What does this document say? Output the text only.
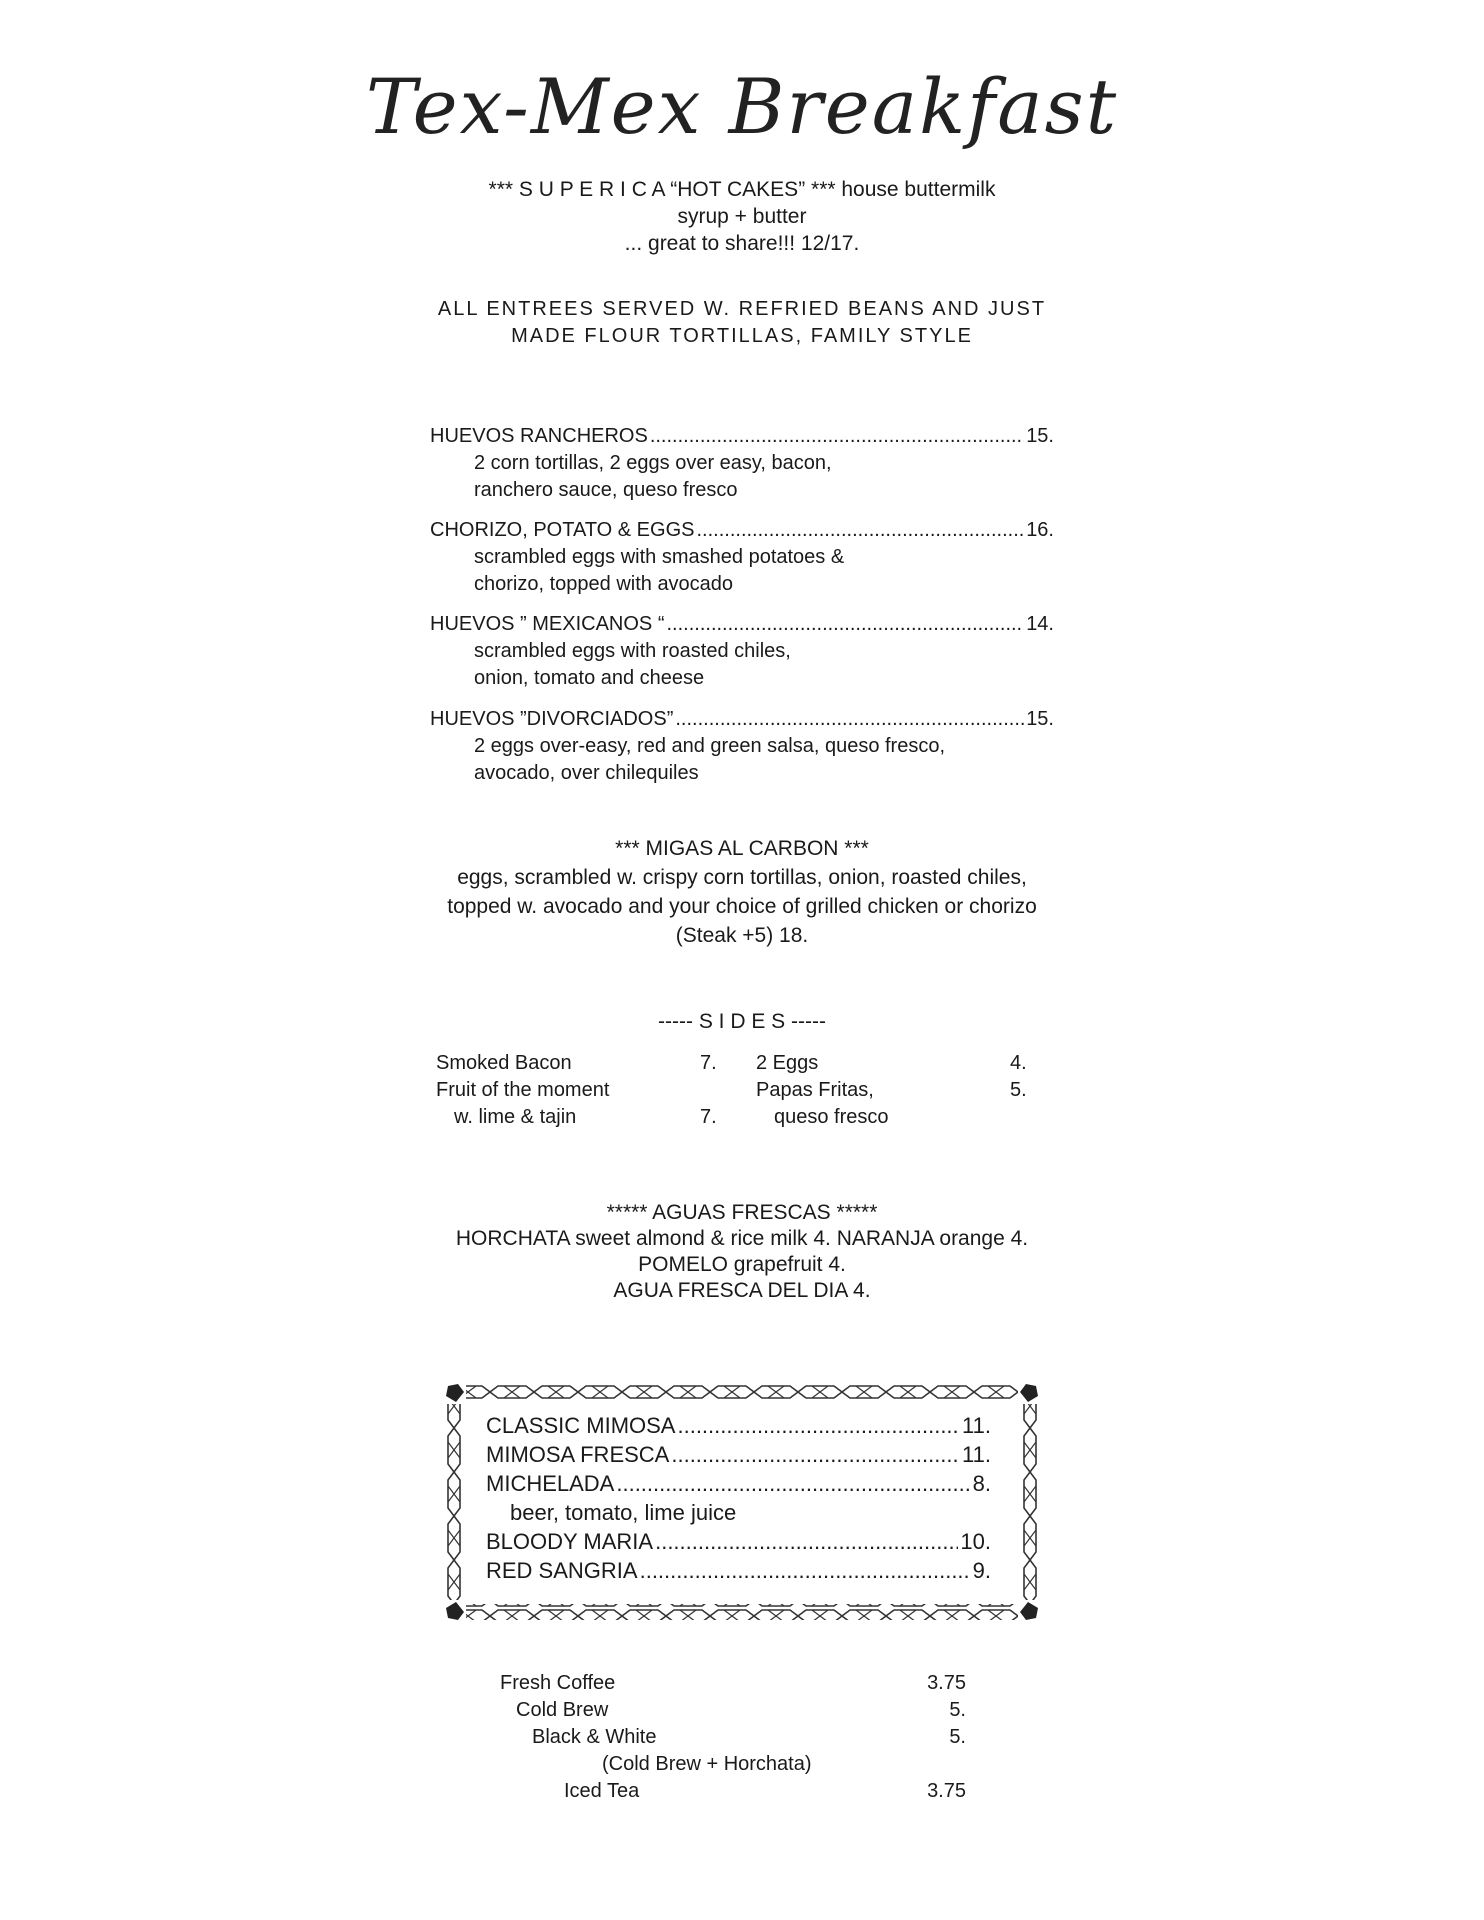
Tex-Mex Breakfast
*** S U P E R I C A “HOT CAKES” *** house buttermilk
syrup + butter
... great to share!!! 12/17.
ALL ENTREES SERVED W. REFRIED BEANS AND JUST
MADE FLOUR TORTILLAS, FAMILY STYLE
HUEVOS RANCHEROS .....	15.
2 corn tortillas, 2 eggs over easy, bacon,
ranchero sauce, queso fresco
CHORIZO, POTATO & EGGS .....	16.
scrambled eggs with smashed potatoes &
chorizo, topped with avocado
HUEVOS ” MEXICANOS “ .....	14.
scrambled eggs with roasted chiles,
onion, tomato and cheese
HUEVOS ”DIVORCIADOS” .....	15.
2 eggs over-easy, red and green salsa, queso fresco,
avocado, over chilequiles
*** MIGAS AL CARBON ***
eggs, scrambled w. crispy corn tortillas, onion, roasted chiles,
topped w. avocado and your choice of grilled chicken or chorizo
(Steak +5) 18.
----- S I D E S -----
Smoked Bacon	7. 2 Eggs	4.
Fruit of the moment	Papas Fritas,	5.
w. lime & tajin	7.	queso fresco
***** AGUAS FRESCAS *****
HORCHATA sweet almond & rice milk 4. NARANJA orange 4.
POMELO grapefruit 4.
AGUA FRESCA DEL DIA 4.
CLASSIC MIMOSA .....	11.
MIMOSA FRESCA .....	11.
MICHELADA .....	8.
beer, tomato, lime juice
BLOODY MARIA .....	10.
RED SANGRIA .....	9.
Fresh Coffee	3.75
Cold Brew	5.
Black & White	5.
(Cold Brew + Horchata)
Iced Tea	3.75
